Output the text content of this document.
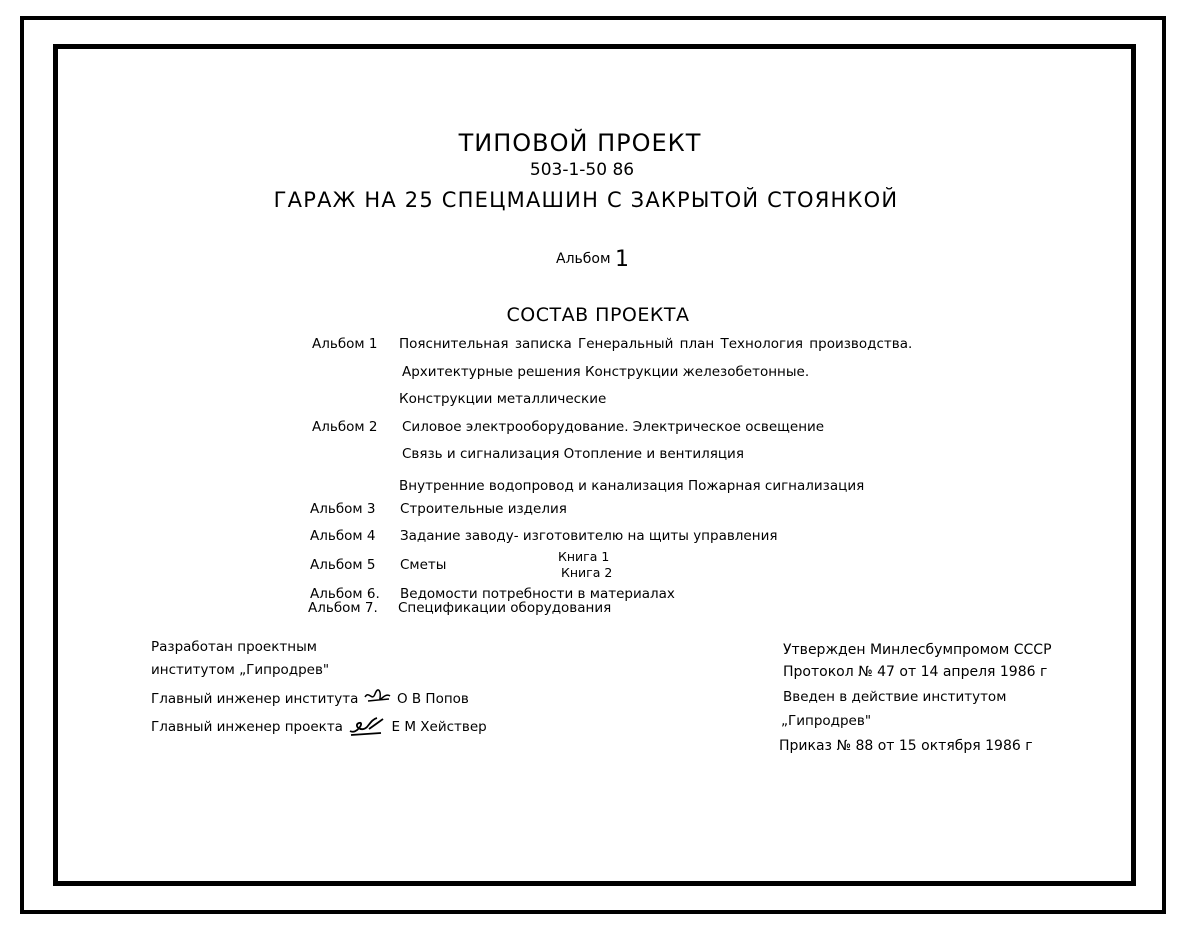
ТИПОВОЙ ПРОЕКТ
503-1-50 86
ГАРАЖ НА 25 СПЕЦМАШИН С ЗАКРЫТОЙ СТОЯНКОЙ
Альбом 1
СОСТАВ ПРОЕКТА
Альбом 1 Пояснительная записка Генеральный план Технология производства.
Архитектурные решения Конструкции железобетонные.
Конструкции металлические
Альбом 2 Силовое электрооборудование. Электрическое освещение
Связь и сигнализация Отопление и вентиляция
Внутренние водопровод и канализация Пожарная сигнализация
Альбом 3 Строительные изделия
Альбом 4 Задание заводу- изготовителю на щиты управления
Альбом 5 Сметы
Книга 1
Книга 2
Альбом 6. Ведомости потребности в материалах
Альбом 7. Спецификации оборудования
Разработан проектным
институтом „Гипродрев"
Главный инженер института	О В Попов
Главный инженер проекта	Е М Хействер
Утвержден Минлесбумпромом СССР
Протокол № 47 от 14 апреля 1986 г
Введен в действие институтом
„Гипродрев"
Приказ № 88 от 15 октября 1986 г
